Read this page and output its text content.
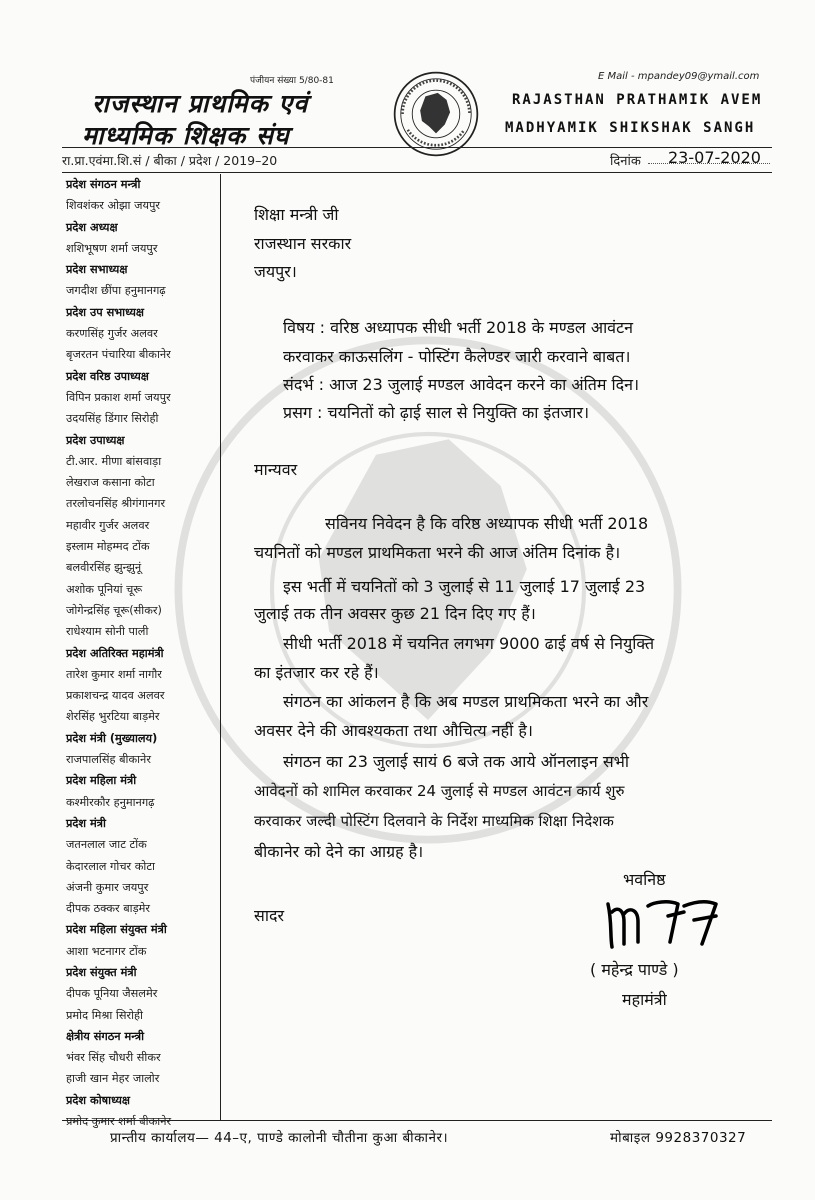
पंजीयन संख्या 5/80-81
राजस्थान प्राथमिक एवं
माध्यमिक शिक्षक संघ
E Mail - mpandey09@ymail.com
RAJASTHAN PRATHAMIK AVEM
MADHYAMIK SHIKSHAK SANGH
रा.प्रा.एवंमा.शि.सं / बीका / प्रदेश / 2019–20	दिनांक 23-07-2020
प्रदेश संगठन मन्त्री
शिवशंकर ओझा जयपुर
प्रदेश अध्यक्ष
शशिभूषण शर्मा जयपुर
प्रदेश सभाध्यक्ष
जगदीश छींपा हनुमानगढ़
प्रदेश उप सभाध्यक्ष
करणसिंह गुर्जर अलवर
बृजरतन पंचारिया बीकानेर
प्रदेश वरिष्ठ उपाध्यक्ष
विपिन प्रकाश शर्मा जयपुर
उदयसिंह डिंगार सिरोही
प्रदेश उपाध्यक्ष
टी.आर. मीणा बांसवाड़ा
लेखराज कसाना कोटा
तरलोचनसिंह श्रीगंगानगर
महावीर गुर्जर अलवर
इस्लाम मोहम्मद टोंक
बलवीरसिंह झुन्झुनूं
अशोक पूनियां चूरू
जोगेन्द्रसिंह चूरू(सीकर)
राधेश्याम सोनी पाली
प्रदेश अतिरिक्त महामंत्री
तारेश कुमार शर्मा नागौर
प्रकाशचन्द्र यादव अलवर
शेरसिंह भुरटिया बाड़मेर
प्रदेश मंत्री (मुख्यालय)
राजपालसिंह बीकानेर
प्रदेश महिला मंत्री
कश्मीरकौर हनुमानगढ़
प्रदेश मंत्री
जतनलाल जाट टोंक
केदारलाल गोचर कोटा
अंजनी कुमार जयपुर
दीपक ठक्कर बाड़मेर
प्रदेश महिला संयुक्त मंत्री
आशा भटनागर टोंक
प्रदेश संयुक्त मंत्री
दीपक पूनिया जैसलमेर
प्रमोद मिश्रा सिरोही
क्षेत्रीय संगठन मन्त्री
भंवर सिंह चौधरी सीकर
हाजी खान मेहर जालोर
प्रदेश कोषाध्यक्ष
प्रमोद कुमार शर्मा बीकानेर
शिक्षा मन्त्री जी
राजस्थान सरकार
जयपुर।
विषय : वरिष्ठ अध्यापक सीधी भर्ती 2018 के मण्डल आवंटन
करवाकर काऊसलिंग - पोस्टिंग कैलेण्डर जारी करवाने बाबत।
संदर्भ : आज 23 जुलाई मण्डल आवेदन करने का अंतिम दिन।
प्रसग : चयनितों को ढ़ाई साल से नियुक्ति का इंतजार।
मान्यवर
सविनय निवेदन है कि वरिष्ठ अध्यापक सीधी भर्ती 2018
चयनितों को मण्डल प्राथमिकता भरने की आज अंतिम दिनांक है।
इस भर्ती में चयनितों को 3 जुलाई से 11 जुलाई 17 जुलाई 23
जुलाई तक तीन अवसर कुछ 21 दिन दिए गए हैं।
सीधी भर्ती 2018 में चयनित लगभग 9000 ढाई वर्ष से नियुक्ति
का इंतजार कर रहे हैं।
संगठन का आंकलन है कि अब मण्डल प्राथमिकता भरने का और
अवसर देने की आवश्यकता तथा औचित्य नहीं है।
संगठन का 23 जुलाई सायं 6 बजे तक आये ऑनलाइन सभी
आवेदनों को शामिल करवाकर 24 जुलाई से मण्डल आवंटन कार्य शुरु
करवाकर जल्दी पोस्टिंग दिलवाने के निर्देश माध्यमिक शिक्षा निदेशक
बीकानेर को देने का आग्रह है।
भवनिष्ठ
सादर
( महेन्द्र पाण्डे )
महामंत्री
प्रान्तीय कार्यालय— 44–ए, पाण्डे कालोनी चौतीना कुआ बीकानेर।	मोबाइल 9928370327
